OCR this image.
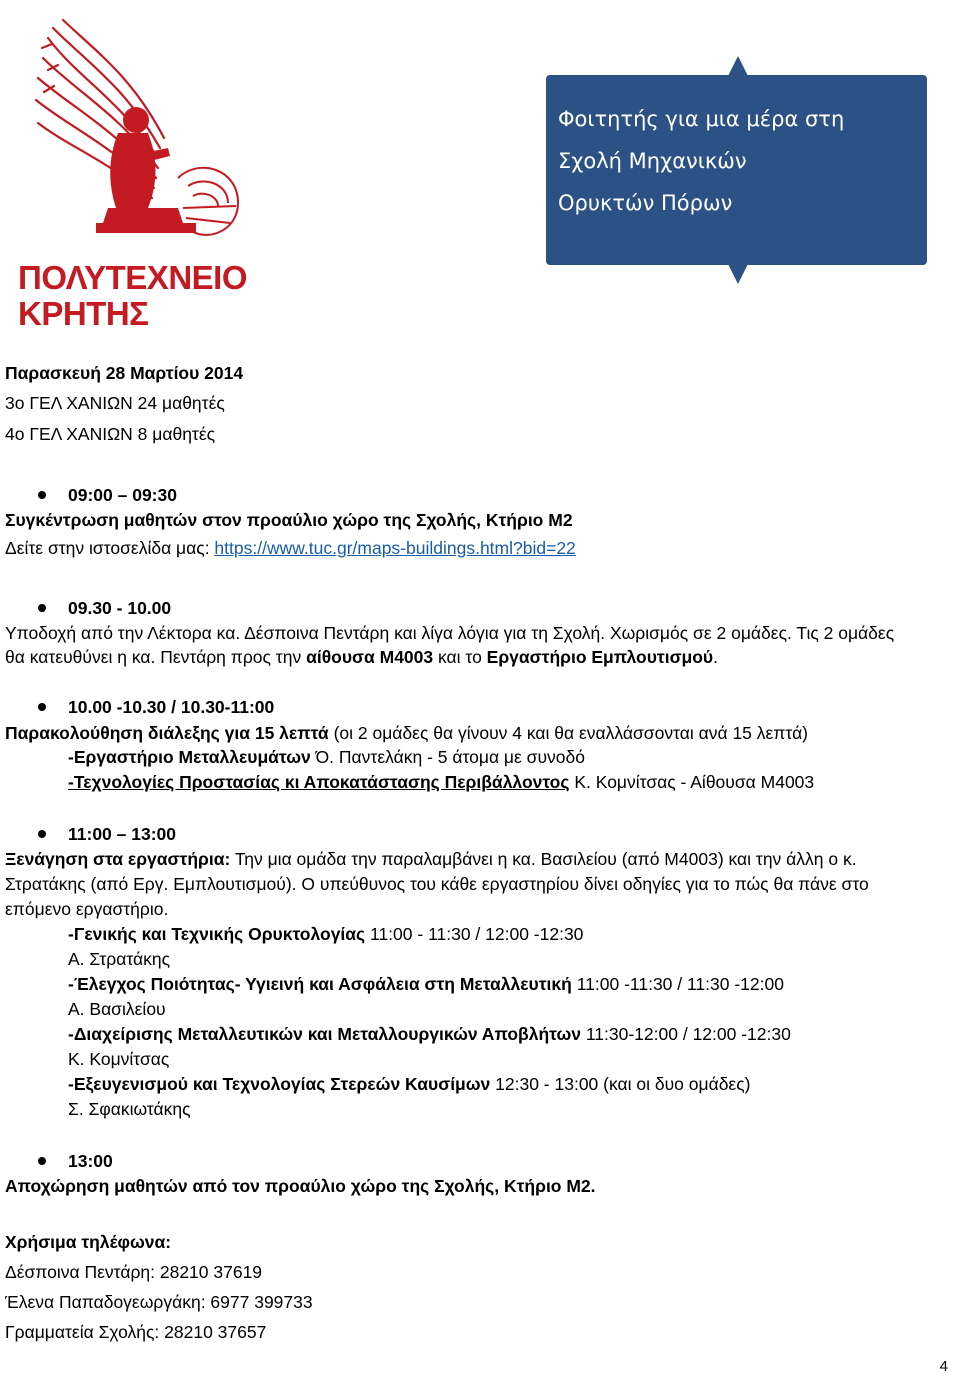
ΠΟΛΥΤΕΧΝΕΙΟ
ΚΡΗΤΗΣ
Φοιτητής για μια μέρα στη
Σχολή Μηχανικών
Ορυκτών Πόρων
Παρασκευή 28 Μαρτίου 2014
3ο ΓΕΛ ΧΑΝΙΩΝ 24 μαθητές
4ο ΓΕΛ ΧΑΝΙΩΝ 8 μαθητές
09:00 – 09:30
Συγκέντρωση μαθητών στον προαύλιο χώρο της Σχολής, Κτήριο Μ2
Δείτε στην ιστοσελίδα μας: https://www.tuc.gr/maps-buildings.html?bid=22
09.30 - 10.00
Υποδοχή από την Λέκτορα κα. Δέσποινα Πεντάρη και λίγα λόγια για τη Σχολή. Χωρισμός σε 2 ομάδες. Τις 2 ομάδες
θα κατευθύνει η κα. Πεντάρη προς την αίθουσα Μ4003 και το Εργαστήριο Εμπλουτισμού.
10.00 -10.30 / 10.30-11:00
Παρακολούθηση διάλεξης για 15 λεπτά (οι 2 ομάδες θα γίνουν 4 και θα εναλλάσσονται ανά 15 λεπτά)
-Εργαστήριο Μεταλλευμάτων Ό. Παντελάκη - 5 άτομα με συνοδό
-Τεχνολογίες Προστασίας κι Αποκατάστασης Περιβάλλοντος Κ. Κομνίτσας - Αίθουσα Μ4003
11:00 – 13:00
Ξενάγηση στα εργαστήρια: Την μια ομάδα την παραλαμβάνει η κα. Βασιλείου (από Μ4003) και την άλλη ο κ.
Στρατάκης (από Εργ. Εμπλουτισμού). Ο υπεύθυνος του κάθε εργαστηρίου δίνει οδηγίες για το πώς θα πάνε στο
επόμενο εργαστήριο.
-Γενικής και Τεχνικής Ορυκτολογίας 11:00 - 11:30 / 12:00 -12:30
Α. Στρατάκης
-Έλεγχος Ποιότητας- Υγιεινή και Ασφάλεια στη Μεταλλευτική 11:00 -11:30 / 11:30 -12:00
Α. Βασιλείου
-Διαχείρισης Μεταλλευτικών και Μεταλλουργικών Αποβλήτων 11:30-12:00 / 12:00 -12:30
Κ. Κομνίτσας
-Εξευγενισμού και Τεχνολογίας Στερεών Καυσίμων 12:30 - 13:00 (και οι δυο ομάδες)
Σ. Σφακιωτάκης
13:00
Αποχώρηση μαθητών από τον προαύλιο χώρο της Σχολής, Κτήριο Μ2.
Χρήσιμα τηλέφωνα:
Δέσποινα Πεντάρη: 28210 37619
Έλενα Παπαδογεωργάκη: 6977 399733
Γραμματεία Σχολής: 28210 37657
4
